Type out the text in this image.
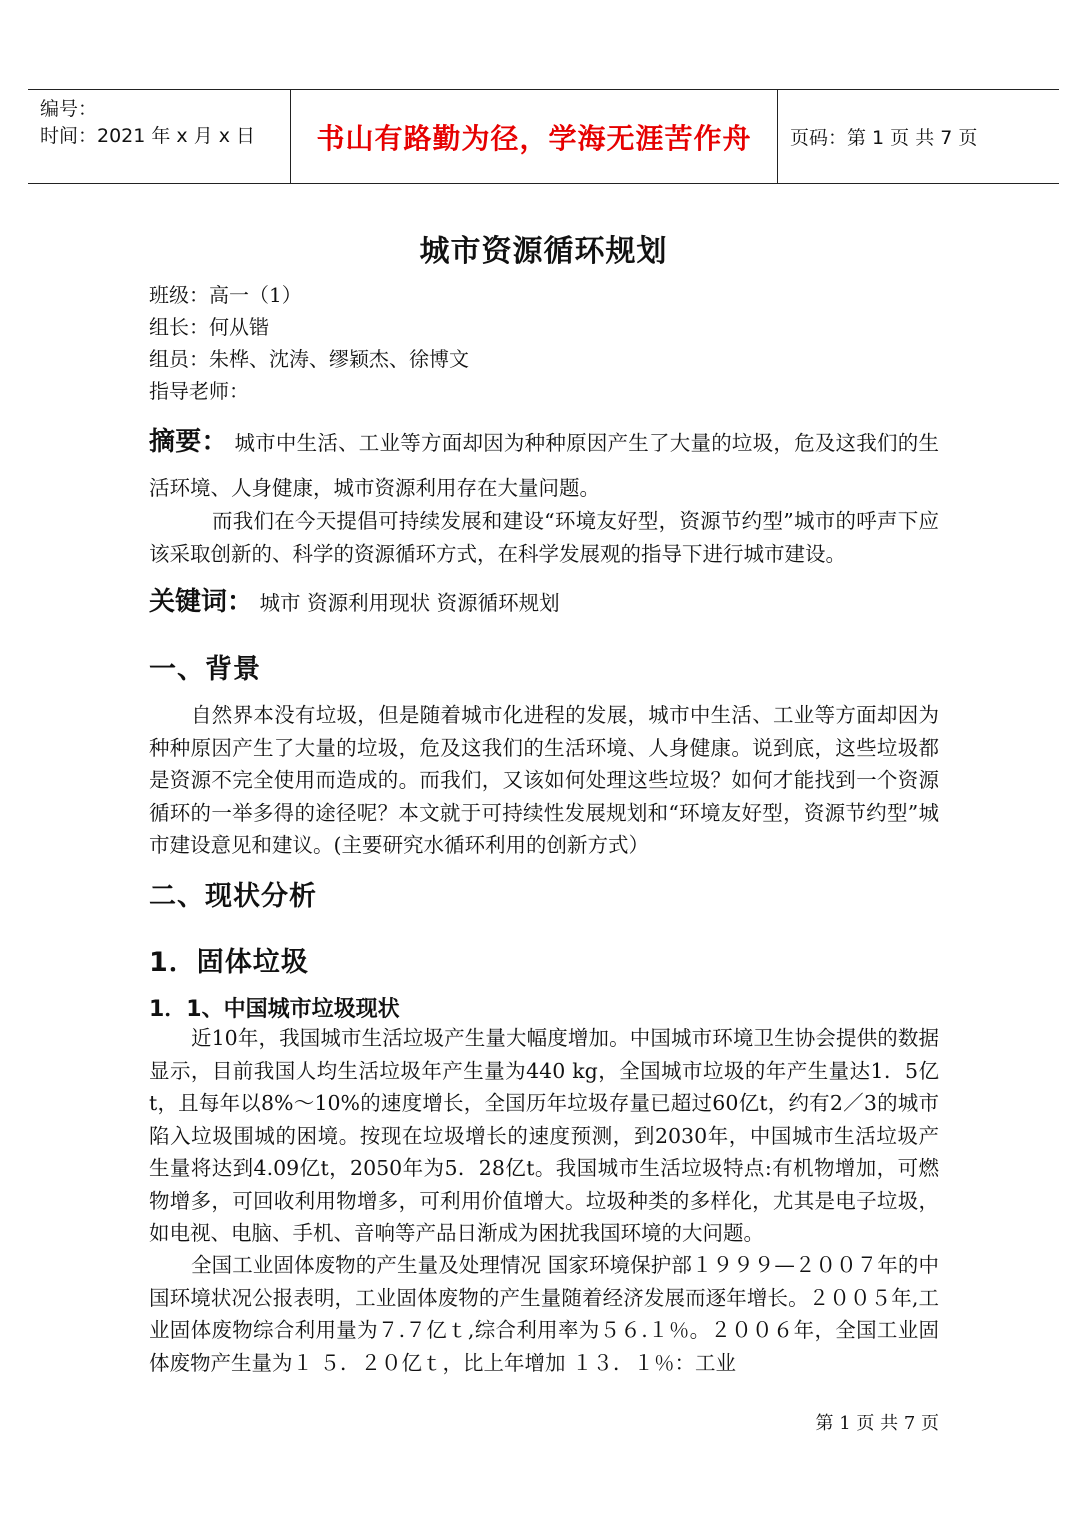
编号：
时间：2021 年 x 月 x 日 书山有路勤为径，学海无涯苦作舟	页码：第 1 页 共 7 页
城市资源循环规划
班级：高一（1）
组长：何从锴
组员：朱桦、沈涛、缪颖杰、徐博文
指导老师：
摘要： 城市中生活、工业等方面却因为种种原因产生了大量的垃圾，危及这我们的生活环境、人身健康，城市资源利用存在大量问题。
而我们在今天提倡可持续发展和建设“环境友好型，资源节约型”城市的呼声下应该采取创新的、科学的资源循环方式，在科学发展观的指导下进行城市建设。
关键词： 城市 资源利用现状 资源循环规划
一、背景
自然界本没有垃圾，但是随着城市化进程的发展，城市中生活、工业等方面却因为种种原因产生了大量的垃圾，危及这我们的生活环境、人身健康。说到底，这些垃圾都是资源不完全使用而造成的。而我们，又该如何处理这些垃圾？如何才能找到一个资源循环的一举多得的途径呢？本文就于可持续性发展规划和“环境友好型，资源节约型”城市建设意见和建议。(主要研究水循环利用的创新方式）
二、现状分析
1．固体垃圾
1．1、中国城市垃圾现状
近10年，我国城市生活垃圾产生量大幅度增加。中国城市环境卫生协会提供的数据显示，目前我国人均生活垃圾年产生量为440 kg，全国城市垃圾的年产生量达1．5亿t，且每年以8%～10%的速度增长，全国历年垃圾存量已超过60亿t，约有2／3的城市陷入垃圾围城的困境。按现在垃圾增长的速度预测，到2030年，中国城市生活垃圾产生量将达到4.09亿t，2050年为5．28亿t。我国城市生活垃圾特点:有机物增加，可燃物增多，可回收利用物增多，可利用价值增大。垃圾种类的多样化，尤其是电子垃圾，如电视、电脑、手机、音响等产品日渐成为困扰我国环境的大问题。
全国工业固体废物的产生量及处理情况 国家环境保护部１９９９—２００７年的中国环境状况公报表明，工业固体废物的产生量随着经济发展而逐年增长。２００５年,工业固体废物综合利用量为７.７亿ｔ,综合利用率为５６.１％。２００６年，全国工业固体废物产生量为１ ５．２０亿ｔ，比上年增加 １３．１％：工业
第 1 页 共 7 页
